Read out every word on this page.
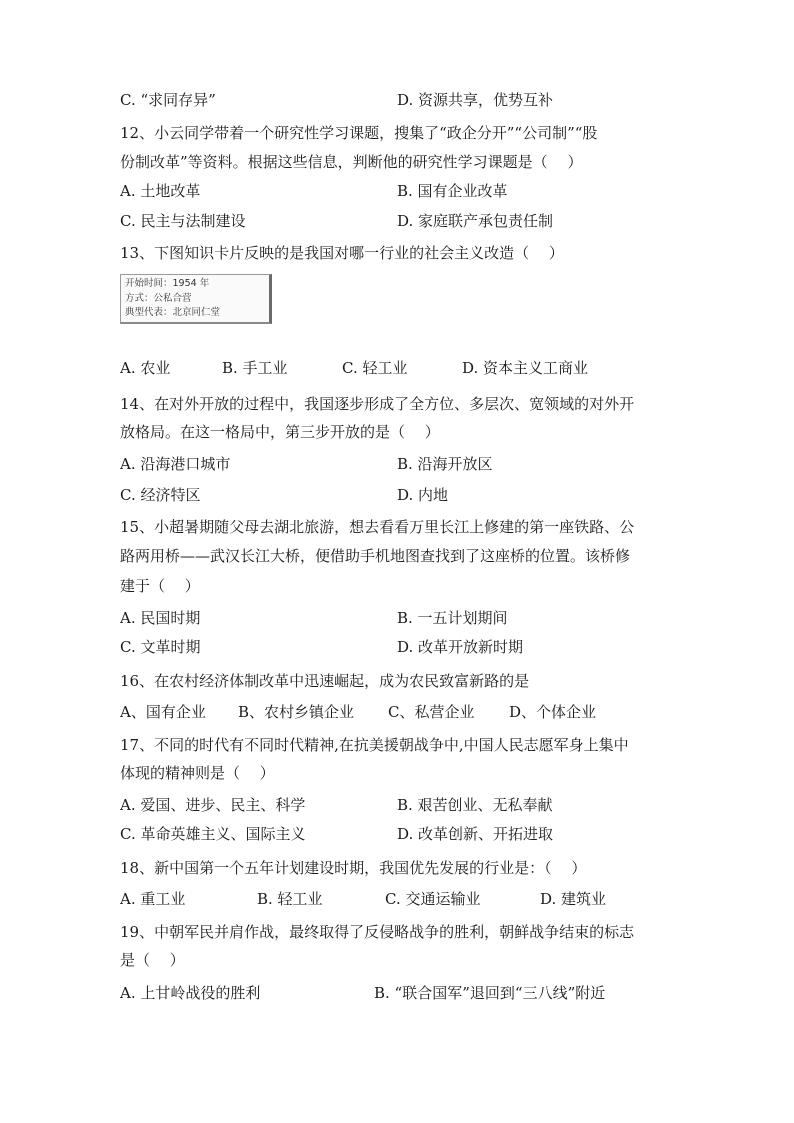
C. “求同存异”	D. 资源共享，优势互补
12、小云同学带着一个研究性学习课题，搜集了“政企分开”“公司制”“股
份制改革”等资料。根据这些信息，判断他的研究性学习课题是（　 ）
A. 土地改革	B. 国有企业改革
C. 民主与法制建设	D. 家庭联产承包责任制
13、下图知识卡片反映的是我国对哪一行业的社会主义改造（　 ）
开始时间：1954 年
方式：公私合营
典型代表：北京同仁堂
A. 农业	B. 手工业	C. 轻工业	D. 资本主义工商业
14、在对外开放的过程中，我国逐步形成了全方位、多层次、宽领域的对外开
放格局。在这一格局中，第三步开放的是（　 ）
A. 沿海港口城市	B. 沿海开放区
C. 经济特区	D. 内地
15、小超暑期随父母去湖北旅游，想去看看万里长江上修建的第一座铁路、公
路两用桥——武汉长江大桥，便借助手机地图查找到了这座桥的位置。该桥修
建于（　 ）
A. 民国时期	B. 一五计划期间
C. 文革时期	D. 改革开放新时期
16、在农村经济体制改革中迅速崛起，成为农民致富新路的是
A、国有企业 B、农村乡镇企业 C、私营企业 D、个体企业
17、不同的时代有不同时代精神,在抗美援朝战争中,中国人民志愿军身上集中
体现的精神则是（　 ）
A. 爱国、进步、民主、科学	B. 艰苦创业、无私奉献
C. 革命英雄主义、国际主义	D. 改革创新、开拓进取
18、新中国第一个五年计划建设时期，我国优先发展的行业是：（　 ）
A. 重工业	B. 轻工业	C. 交通运输业	D. 建筑业
19、中朝军民并肩作战，最终取得了反侵略战争的胜利，朝鲜战争结束的标志
是（　 ）
A. 上甘岭战役的胜利	B. “联合国军”退回到“三八线”附近
